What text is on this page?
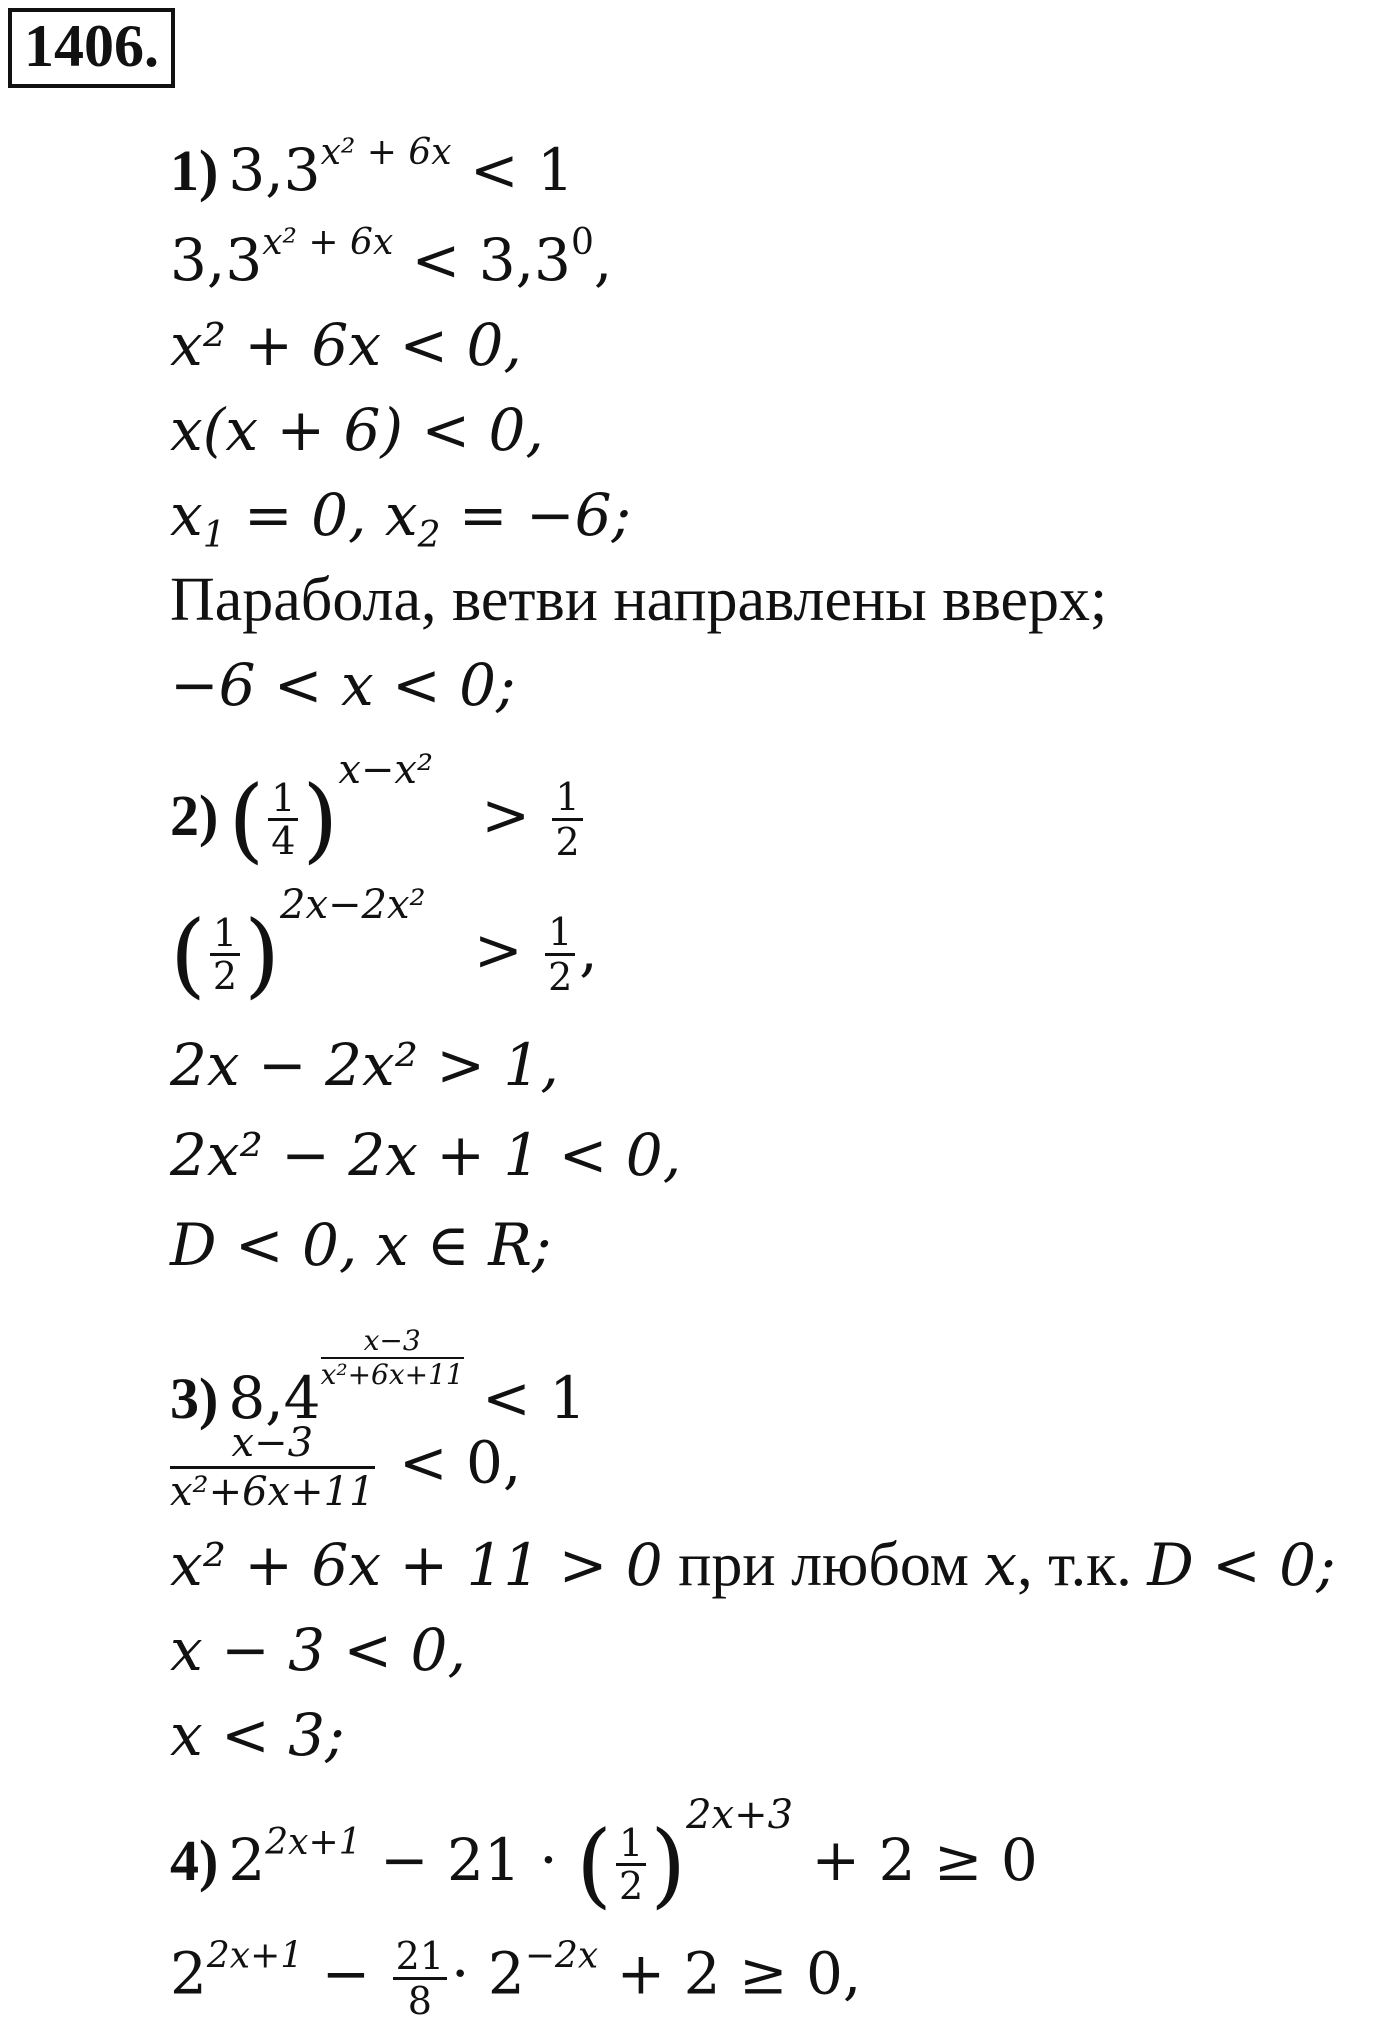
1406.
1) $3,3^{x^2 + 6x} < 1$
$3,3^{x^2 + 6x} < 3,3^0$,
x² + 6x < 0,
x(x + 6) < 0,
$x_1 = 0$, $x_2 = -6$;
Парабола, ветви направлены вверх;
−6 < x < 0;
2) ( $\frac{1}{4} )^{x-x^2} > \frac{1}{2}$
( $\frac{1}{2} )^{2x-2x^2} > \frac{1}{2}$ ,
2x − 2x² > 1,
2x² − 2x + 1 < 0,
D < 0, x ∈ R;
3) 8,4
$\frac{x-3}{\text{x²+6x+11}}$
< 1
$\frac{x-3}{\text{x²+6x+11}} < 0$,
x² + 6x + 11 > 0 при любом x, т.к. D < 0;
x − 3 < 0,
x < 3;
4) $2^{2x+1} - 21$ · ( $\frac{1}{2} )^{2x+3} + 2 \ge 0$
$2^{2x+1} - \frac{21}{8} \cdot 2^{-2x} + 2 \ge 0$,
